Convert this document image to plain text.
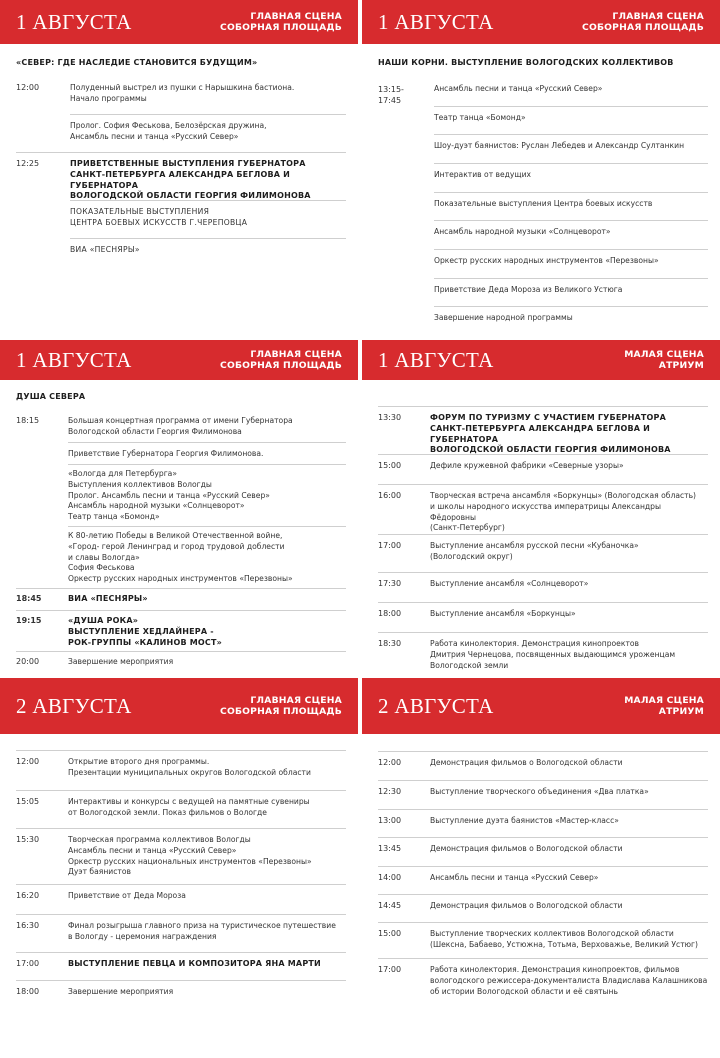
1 АВГУСТА	ГЛАВНАЯ СЦЕНА
СОБОРНАЯ ПЛОЩАДЬ
«СЕВЕР: ГДЕ НАСЛЕДИЕ СТАНОВИТСЯ БУДУЩИМ»
12:00	Полуденный выстрел из пушки с Нарышкина бастиона.
Начало программы
Пролог. София Феськова, Белозёрская дружина,
Ансамбль песни и танца «Русский Север»
12:25	ПРИВЕТСТВЕННЫЕ ВЫСТУПЛЕНИЯ ГУБЕРНАТОРА
САНКТ-ПЕТЕРБУРГА АЛЕКСАНДРА БЕГЛОВА И ГУБЕРНАТОРА
ВОЛОГОДСКОЙ ОБЛАСТИ ГЕОРГИЯ ФИЛИМОНОВА
ПОКАЗАТЕЛЬНЫЕ ВЫСТУПЛЕНИЯ
ЦЕНТРА БОЕВЫХ ИСКУССТВ Г.ЧЕРЕПОВЦА
ВИА «ПЕСНЯРЫ»
1 АВГУСТА	ГЛАВНАЯ СЦЕНА
СОБОРНАЯ ПЛОЩАДЬ
НАШИ КОРНИ. ВЫСТУПЛЕНИЕ ВОЛОГОДСКИХ КОЛЛЕКТИВОВ
13:15-
17:45
Ансамбль песни и танца «Русский Север»
Театр танца «Бомонд»
Шоу-дуэт баянистов: Руслан Лебедев и Александр Султанкин
Интерактив от ведущих
Показательные выступления Центра боевых искусств
Ансамбль народной музыки «Солнцеворот»
Оркестр русских народных инструментов «Перезвоны»
Приветствие Деда Мороза из Великого Устюга
Завершение народной программы
1 АВГУСТА	ГЛАВНАЯ СЦЕНА
СОБОРНАЯ ПЛОЩАДЬ
ДУША СЕВЕРА
18:15	Большая концертная программа от имени Губернатора
Вологодской области Георгия Филимонова
Приветствие Губернатора Георгия Филимонова.
«Вологда для Петербурга»
Выступления коллективов Вологды
Пролог. Ансамбль песни и танца «Русский Север»
Ансамбль народной музыки «Солнцеворот»
Театр танца «Бомонд»
К 80-летию Победы в Великой Отечественной войне,
«Город- герой Ленинград и город трудовой доблести
и славы Вологда»
София Феськова
Оркестр русских народных инструментов «Перезвоны»
18:45	ВИА «ПЕСНЯРЫ»
19:15	«ДУША РОКА»
ВЫСТУПЛЕНИЕ ХЕДЛАЙНЕРА -
РОК-ГРУППЫ «КАЛИНОВ МОСТ»
20:00	Завершение мероприятия
1 АВГУСТА	МАЛАЯ СЦЕНА
АТРИУМ
13:30	ФОРУМ ПО ТУРИЗМУ С УЧАСТИЕМ ГУБЕРНАТОРА
САНКТ-ПЕТЕРБУРГА АЛЕКСАНДРА БЕГЛОВА И ГУБЕРНАТОРА
ВОЛОГОДСКОЙ ОБЛАСТИ ГЕОРГИЯ ФИЛИМОНОВА
15:00	Дефиле кружевной фабрики «Северные узоры»
16:00	Творческая встреча ансамбля «Боркунцы» (Вологодская область)
и школы народного искусства императрицы Александры Фёдоровны
(Санкт-Петербург)
17:00	Выступление ансамбля русской песни «Кубаночка»
(Вологодский округ)
17:30	Выступление ансамбля «Солнцеворот»
18:00	Выступление ансамбля «Боркунцы»
18:30	Работа кинолектория. Демонстрация кинопроектов
Дмитрия Чернецова, посвященных выдающимся уроженцам
Вологодской земли
2 АВГУСТА	ГЛАВНАЯ СЦЕНА
СОБОРНАЯ ПЛОЩАДЬ
12:00	Открытие второго дня программы.
Презентации муниципальных округов Вологодской области
15:05	Интерактивы и конкурсы с ведущей на памятные сувениры
от Вологодской земли. Показ фильмов о Вологде
15:30	Творческая программа коллективов Вологды
Ансамбль песни и танца «Русский Север»
Оркестр русских национальных инструментов «Перезвоны»
Дуэт баянистов
16:20	Приветствие от Деда Мороза
16:30	Финал розыгрыша главного приза на туристическое путешествие
в Вологду - церемония награждения
17:00	ВЫСТУПЛЕНИЕ ПЕВЦА И КОМПОЗИТОРА ЯНА МАРТИ
18:00	Завершение мероприятия
2 АВГУСТА	МАЛАЯ СЦЕНА
АТРИУМ
12:00	Демонстрация фильмов о Вологодской области
12:30	Выступление творческого объединения «Два платка»
13:00	Выступление дуэта баянистов «Мастер-класс»
13:45	Демонстрация фильмов о Вологодской области
14:00	Ансамбль песни и танца «Русский Север»
14:45	Демонстрация фильмов о Вологодской области
15:00	Выступление творческих коллективов Вологодской области
(Шексна, Бабаево, Устюжна, Тотьма, Верховажье, Великий Устюг)
17:00	Работа кинолектория. Демонстрация кинопроектов, фильмов
вологодского режиссера-документалиста Владислава Калашникова
об истории Вологодской области и её святынь
